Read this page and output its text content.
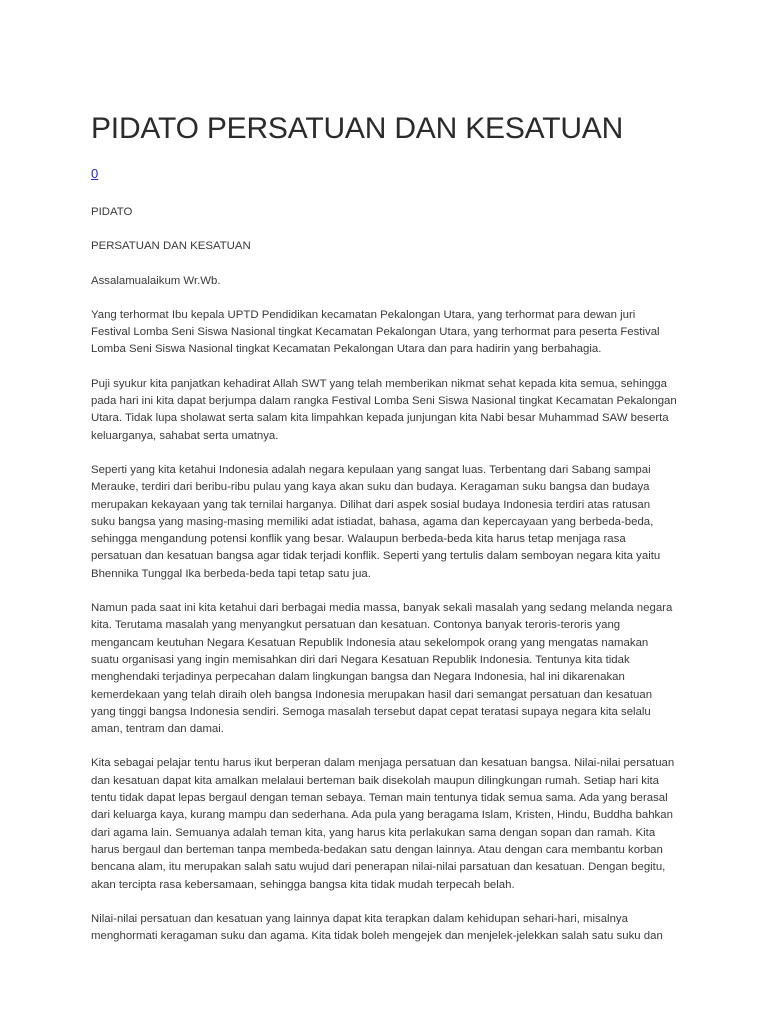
PIDATO PERSATUAN DAN KESATUAN
0

PIDATO

PERSATUAN DAN KESATUAN

Assalamualaikum Wr.Wb.

Yang terhormat Ibu kepala UPTD Pendidikan kecamatan Pekalongan Utara, yang terhormat para dewan juri Festival Lomba Seni Siswa Nasional tingkat Kecamatan Pekalongan Utara, yang terhormat para peserta Festival Lomba Seni Siswa Nasional tingkat Kecamatan Pekalongan Utara dan para hadirin yang berbahagia.

Puji syukur kita panjatkan kehadirat Allah SWT yang telah memberikan nikmat sehat kepada kita semua, sehingga pada hari ini kita dapat berjumpa dalam rangka Festival Lomba Seni Siswa Nasional tingkat Kecamatan Pekalongan Utara. Tidak lupa sholawat serta salam kita limpahkan kepada junjungan kita Nabi besar Muhammad SAW beserta keluarganya, sahabat serta umatnya.

Seperti yang kita ketahui Indonesia adalah negara kepulaan yang sangat luas. Terbentang dari Sabang sampai Merauke, terdiri dari beribu-ribu pulau yang kaya akan suku dan budaya. Keragaman suku bangsa dan budaya merupakan kekayaan yang tak ternilai harganya. Dilihat dari aspek sosial budaya Indonesia terdiri atas ratusan suku bangsa yang masing-masing memiliki adat istiadat, bahasa, agama dan kepercayaan yang berbeda-beda, sehingga mengandung potensi konflik yang besar. Walaupun berbeda-beda kita harus tetap menjaga rasa persatuan dan kesatuan bangsa agar tidak terjadi konflik. Seperti yang tertulis dalam semboyan negara kita yaitu Bhennika Tunggal Ika berbeda-beda tapi tetap satu jua.

Namun pada saat ini kita ketahui dari berbagai media massa, banyak sekali masalah yang sedang melanda negara kita. Terutama masalah yang menyangkut persatuan dan kesatuan. Contonya banyak teroris-teroris yang mengancam keutuhan Negara Kesatuan Republik Indonesia atau sekelompok orang yang mengatas namakan suatu organisasi yang ingin memisahkan diri dari Negara Kesatuan Republik Indonesia. Tentunya kita tidak menghendaki terjadinya perpecahan dalam lingkungan bangsa dan Negara Indonesia, hal ini dikarenakan kemerdekaan yang telah diraih oleh bangsa Indonesia merupakan hasil dari semangat persatuan dan kesatuan yang tinggi bangsa Indonesia sendiri. Semoga masalah tersebut dapat cepat teratasi supaya negara kita selalu aman, tentram dan damai.

Kita sebagai pelajar tentu harus ikut berperan dalam menjaga persatuan dan kesatuan bangsa. Nilai-nilai persatuan dan kesatuan dapat kita amalkan melalaui berteman baik disekolah maupun dilingkungan rumah. Setiap hari kita tentu tidak dapat lepas bergaul dengan teman sebaya. Teman main tentunya tidak semua sama. Ada yang berasal dari keluarga kaya, kurang mampu dan sederhana. Ada pula yang beragama Islam, Kristen, Hindu, Buddha bahkan dari agama lain. Semuanya adalah teman kita, yang harus kita perlakukan sama dengan sopan dan ramah. Kita harus bergaul dan berteman tanpa membeda-bedakan satu dengan lainnya. Atau dengan cara membantu korban bencana alam, itu merupakan salah satu wujud dari penerapan nilai-nilai parsatuan dan kesatuan. Dengan begitu, akan tercipta rasa kebersamaan, sehingga bangsa kita tidak mudah terpecah belah.

Nilai-nilai persatuan dan kesatuan yang lainnya dapat kita terapkan dalam kehidupan sehari-hari, misalnya menghormati keragaman suku dan agama. Kita tidak boleh mengejek dan menjelek-jelekkan salah satu suku dan
